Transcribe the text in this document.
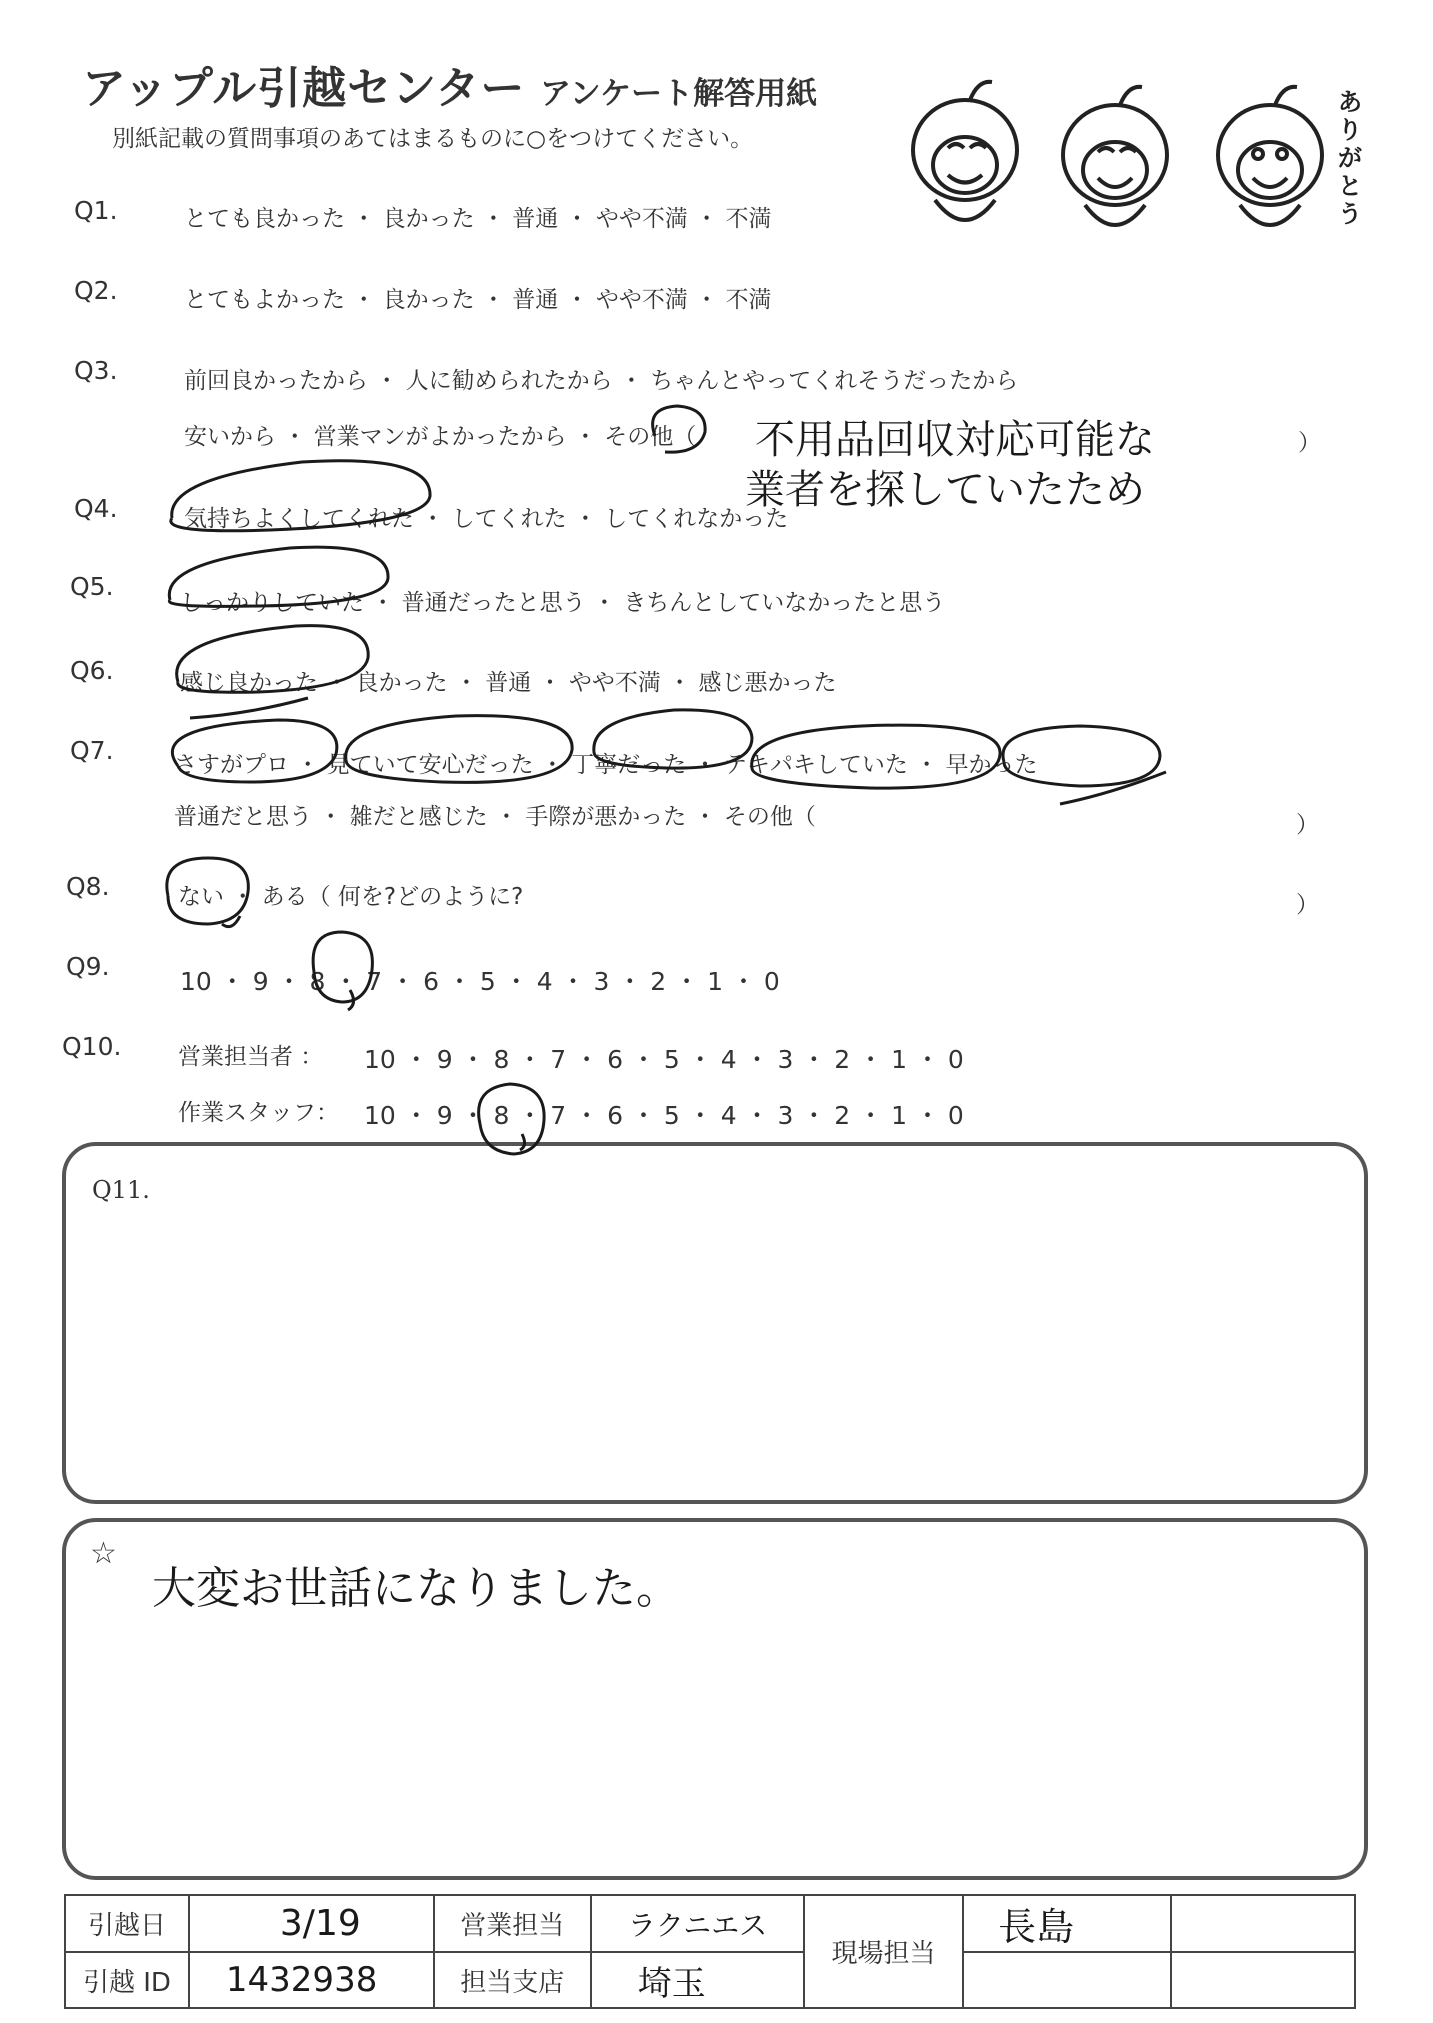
アップル引越センター アンケート解答用紙
別紙記載の質問事項のあてはまるものに○をつけてください。
ありがとう
Q1.	とても良かった ・ 良かった ・ 普通 ・ やや不満 ・ 不満
Q2.	とてもよかった ・ 良かった ・ 普通 ・ やや不満 ・ 不満
Q3.	前回良かったから ・ 人に勧められたから ・ ちゃんとやってくれそうだったから
安いから ・ 営業マンがよかったから ・ その他（	）
不用品回収対応可能な
業者を探していたため
Q4.	気持ちよくしてくれた ・ してくれた ・ してくれなかった
Q5.
しっかりしていた ・ 普通だったと思う ・ きちんとしていなかったと思う
Q6.	感じ良かった ・ 良かった ・ 普通 ・ やや不満 ・ 感じ悪かった
Q7.	さすがプロ ・ 見ていて安心だった ・ 丁寧だった ・ テキパキしていた ・ 早かった
普通だと思う ・ 雑だと感じた ・ 手際が悪かった ・ その他（	）
Q8.	ない ・ ある（ 何を?どのように?	）
Q9.
10 ・ 9 ・ 8 ・ 7 ・ 6 ・ 5 ・ 4 ・ 3 ・ 2 ・ 1 ・ 0
Q10. 営業担当者 ： 10 ・ 9 ・ 8 ・ 7 ・ 6 ・ 5 ・ 4 ・ 3 ・ 2 ・ 1 ・ 0
作業スタッフ： 10 ・ 9 ・ 8 ・ 7 ・ 6 ・ 5 ・ 4 ・ 3 ・ 2 ・ 1 ・ 0
Q11.
☆
大変お世話になりました。
引越日	3/19	営業担当	ラクニエス	現場担当	長島	
引越 ID	1432938	担当支店	埼玉			
